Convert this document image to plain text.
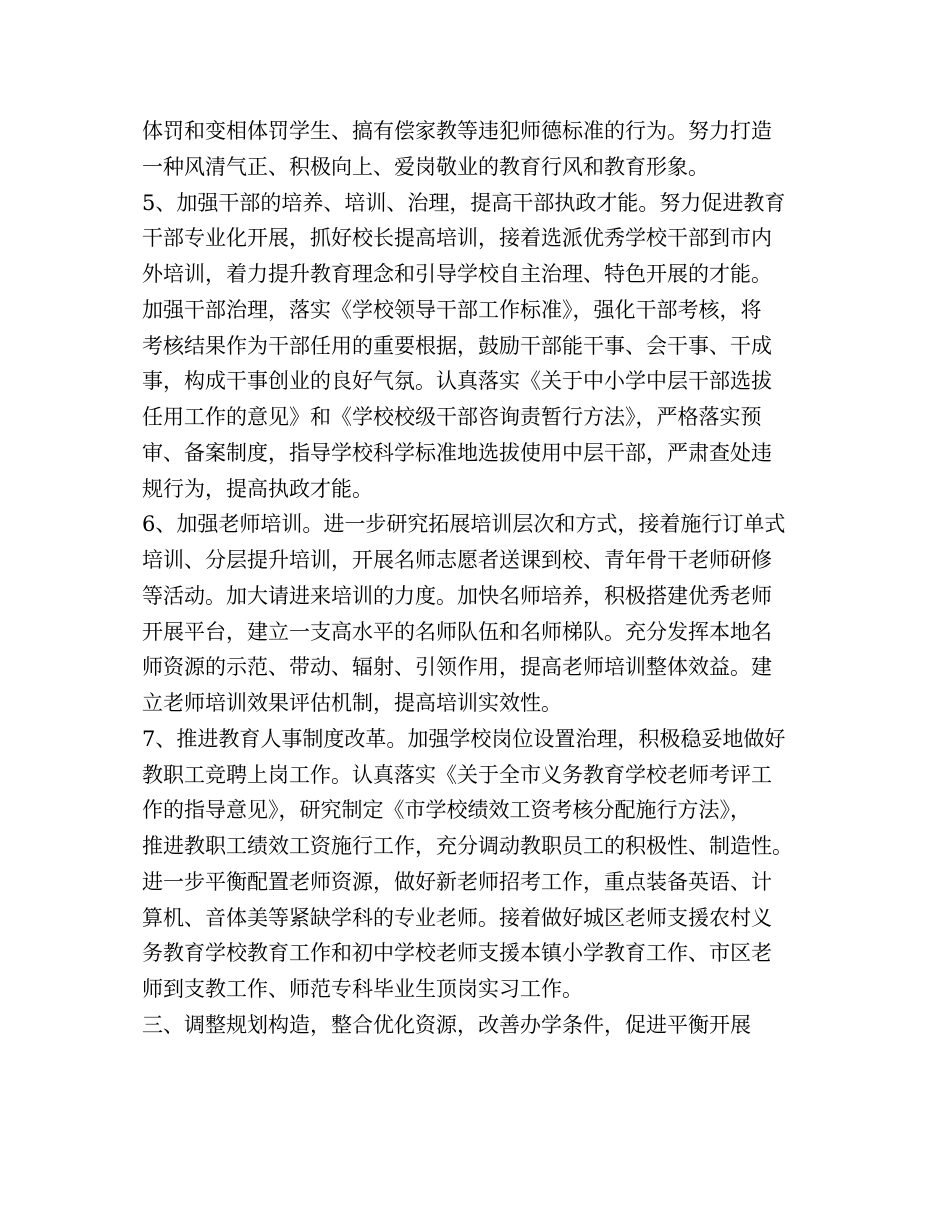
体罚和变相体罚学生、搞有偿家教等违犯师德标准的行为。努力打造
一种风清气正、积极向上、爱岗敬业的教育行风和教育形象。
5、加强干部的培养、培训、治理，提高干部执政才能。努力促进教育
干部专业化开展，抓好校长提高培训，接着选派优秀学校干部到市内
外培训，着力提升教育理念和引导学校自主治理、特色开展的才能。
加强干部治理，落实《学校领导干部工作标准》，强化干部考核，将
考核结果作为干部任用的重要根据，鼓励干部能干事、会干事、干成
事，构成干事创业的良好气氛。认真落实《关于中小学中层干部选拔
任用工作的意见》和《学校校级干部咨询责暂行方法》，严格落实预
审、备案制度，指导学校科学标准地选拔使用中层干部，严肃查处违
规行为，提高执政才能。
6、加强老师培训。进一步研究拓展培训层次和方式，接着施行订单式
培训、分层提升培训，开展名师志愿者送课到校、青年骨干老师研修
等活动。加大请进来培训的力度。加快名师培养，积极搭建优秀老师
开展平台，建立一支高水平的名师队伍和名师梯队。充分发挥本地名
师资源的示范、带动、辐射、引领作用，提高老师培训整体效益。建
立老师培训效果评估机制，提高培训实效性。
7、推进教育人事制度改革。加强学校岗位设置治理，积极稳妥地做好
教职工竞聘上岗工作。认真落实《关于全市义务教育学校老师考评工
作的指导意见》，研究制定《市学校绩效工资考核分配施行方法》，
推进教职工绩效工资施行工作，充分调动教职员工的积极性、制造性。
进一步平衡配置老师资源，做好新老师招考工作，重点装备英语、计
算机、音体美等紧缺学科的专业老师。接着做好城区老师支援农村义
务教育学校教育工作和初中学校老师支援本镇小学教育工作、市区老
师到支教工作、师范专科毕业生顶岗实习工作。
三、调整规划构造，整合优化资源，改善办学条件，促进平衡开展
